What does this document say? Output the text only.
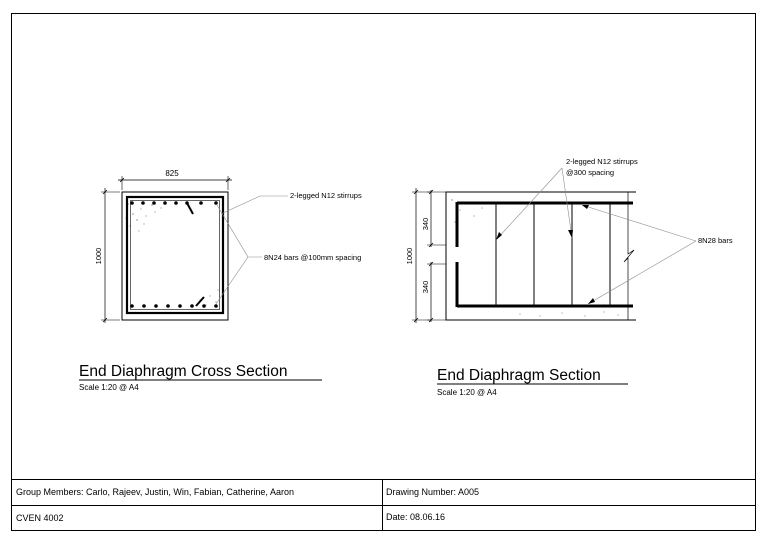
825
1000
2-legged N12 stirrups
8N24 bars @100mm spacing
End Diaphragm Cross Section
Scale 1:20 @ A4
340
340
1000
2-legged N12 stirrups
@300 spacing
8N28 bars
End Diaphragm Section
Scale 1:20 @ A4
Group Members: Carlo, Rajeev, Justin, Win, Fabian, Catherine, Aaron	Drawing Number: A005
CVEN 4002	Date: 08.06.16
